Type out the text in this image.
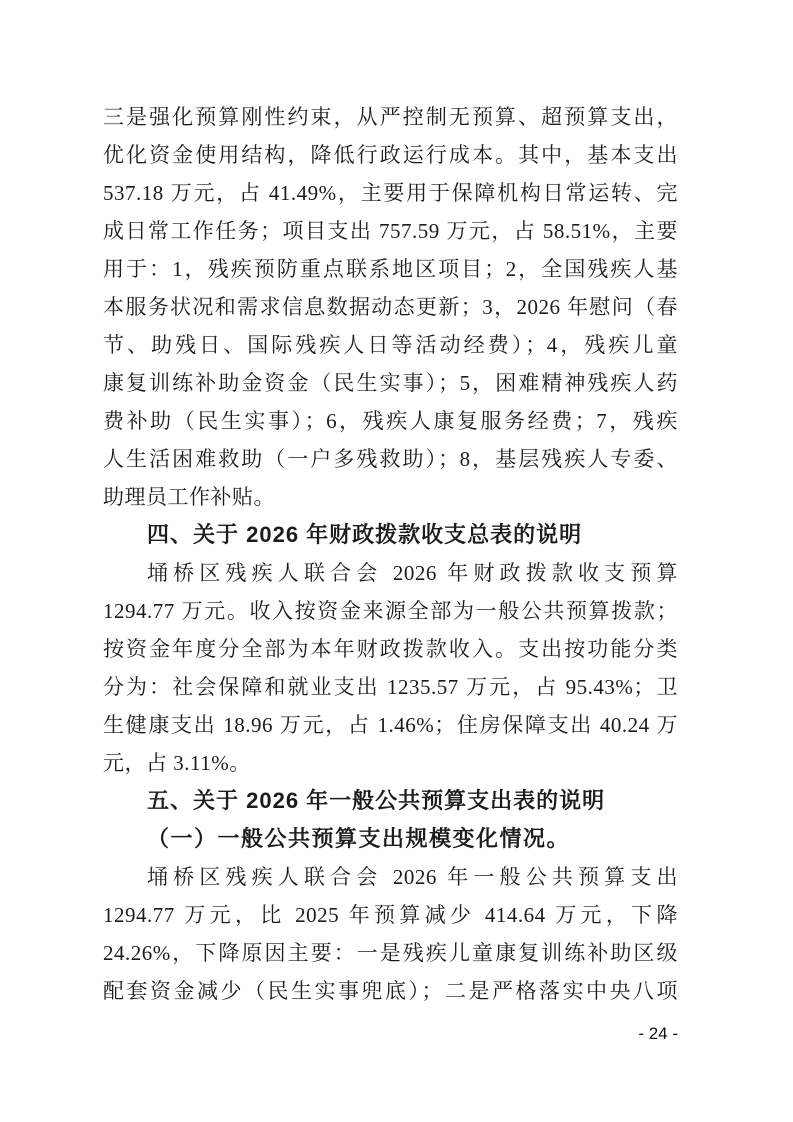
三是强化预算刚性约束，从严控制无预算、超预算支出，
优化资金使用结构，降低行政运行成本。其中，基本支出
537.18 万元，占 41.49%，主要用于保障机构日常运转、完
成日常工作任务；项目支出 757.59 万元，占 58.51%，主要
用于：1，残疾预防重点联系地区项目；2，全国残疾人基
本服务状况和需求信息数据动态更新；3，2026 年慰问（春
节、助残日、国际残疾人日等活动经费）；4，残疾儿童
康复训练补助金资金（民生实事）；5，困难精神残疾人药
费补助（民生实事）；6，残疾人康复服务经费；7，残疾
人生活困难救助（一户多残救助）；8，基层残疾人专委、
助理员工作补贴。
四、关于 2026 年财政拨款收支总表的说明
埇桥区残疾人联合会 2026 年财政拨款收支预算
1294.77 万元。收入按资金来源全部为一般公共预算拨款；
按资金年度分全部为本年财政拨款收入。支出按功能分类
分为：社会保障和就业支出 1235.57 万元，占 95.43%；卫
生健康支出 18.96 万元，占 1.46%；住房保障支出 40.24 万
元，占 3.11%。
五、关于 2026 年一般公共预算支出表的说明
（一）一般公共预算支出规模变化情况。
埇桥区残疾人联合会 2026 年一般公共预算支出
1294.77 万元，比 2025 年预算减少 414.64 万元，下降
24.26%，下降原因主要：一是残疾儿童康复训练补助区级
配套资金减少（民生实事兜底）；二是严格落实中央八项
- 24 -
